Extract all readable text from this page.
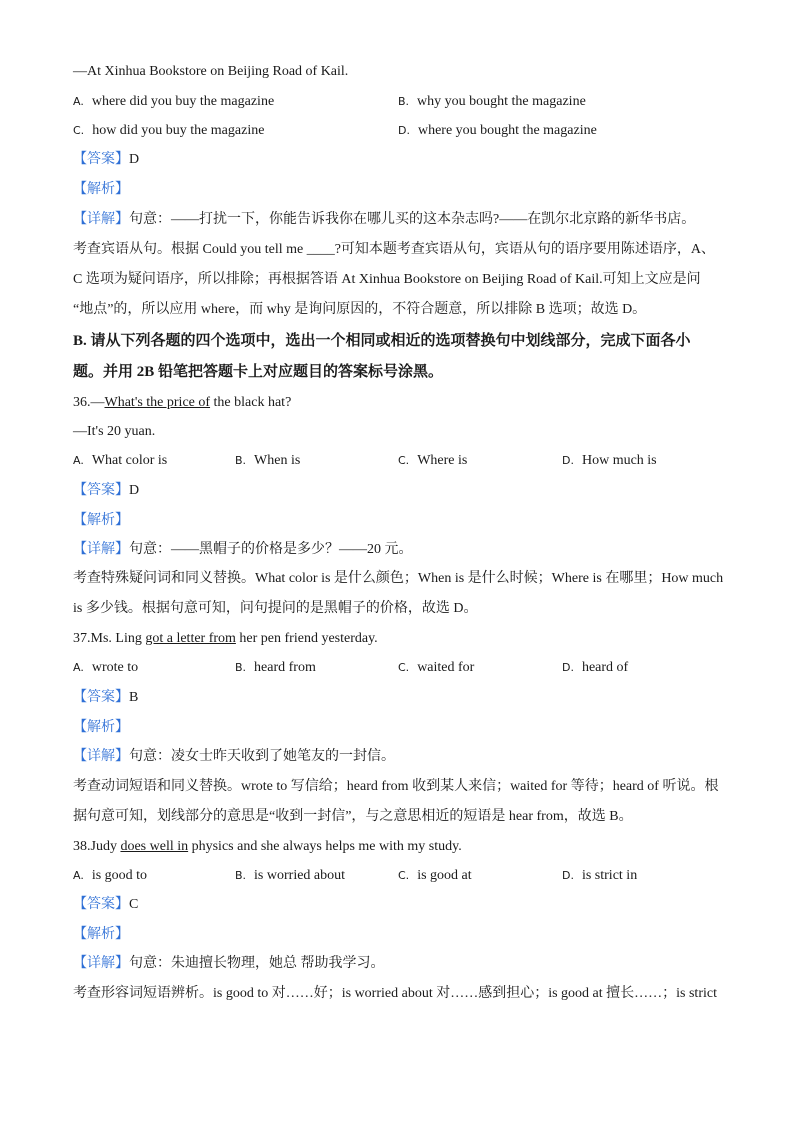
—At Xinhua Bookstore on Beijing Road of Kail.
A. where did you buy the magazine	B. why you bought the magazine
C. how did you buy the magazine	D. where you bought the magazine
【答案】D
【解析】
【详解】句意：——打扰一下，你能告诉我你在哪儿买的这本杂志吗?——在凯尔北京路的新华书店。
考查宾语从句。根据 Could you tell me ____?可知本题考查宾语从句，宾语从句的语序要用陈述语序，A、
C 选项为疑问语序，所以排除；再根据答语 At Xinhua Bookstore on Beijing Road of Kail.可知上文应是问
“地点”的，所以应用 where，而 why 是询问原因的，不符合题意，所以排除 B 选项；故选 D。
B. 请从下列各题的四个选项中，选出一个相同或相近的选项替换句中划线部分，完成下面各小
题。并用 2B 铅笔把答题卡上对应题目的答案标号涂黑。
36.—What's the price of the black hat?
—It's 20 yuan.
A. What color is	B. When is	C. Where is	D. How much is
【答案】D
【解析】
【详解】句意：——黑帽子的价格是多少？——20 元。
考查特殊疑问词和同义替换。What color is 是什么颜色；When is 是什么时候；Where is 在哪里；How much
is 多少钱。根据句意可知，问句提问的是黑帽子的价格，故选 D。
37.Ms. Ling got a letter from her pen friend yesterday.
A. wrote to	B. heard from	C. waited for	D. heard of
【答案】B
【解析】
【详解】句意：凌女士昨天收到了她笔友的一封信。
考查动词短语和同义替换。wrote to 写信给；heard from 收到某人来信；waited for 等待；heard of 听说。根
据句意可知，划线部分的意思是“收到一封信”，与之意思相近的短语是 hear from，故选 B。
38.Judy does well in physics and she always helps me with my study.
A. is good to	B. is worried about	C. is good at	D. is strict in
【答案】C
【解析】
【详解】句意：朱迪擅长物理，她总 帮助我学习。
考查形容词短语辨析。is good to 对……好；is worried about 对……感到担心；is good at 擅长……；is strict
